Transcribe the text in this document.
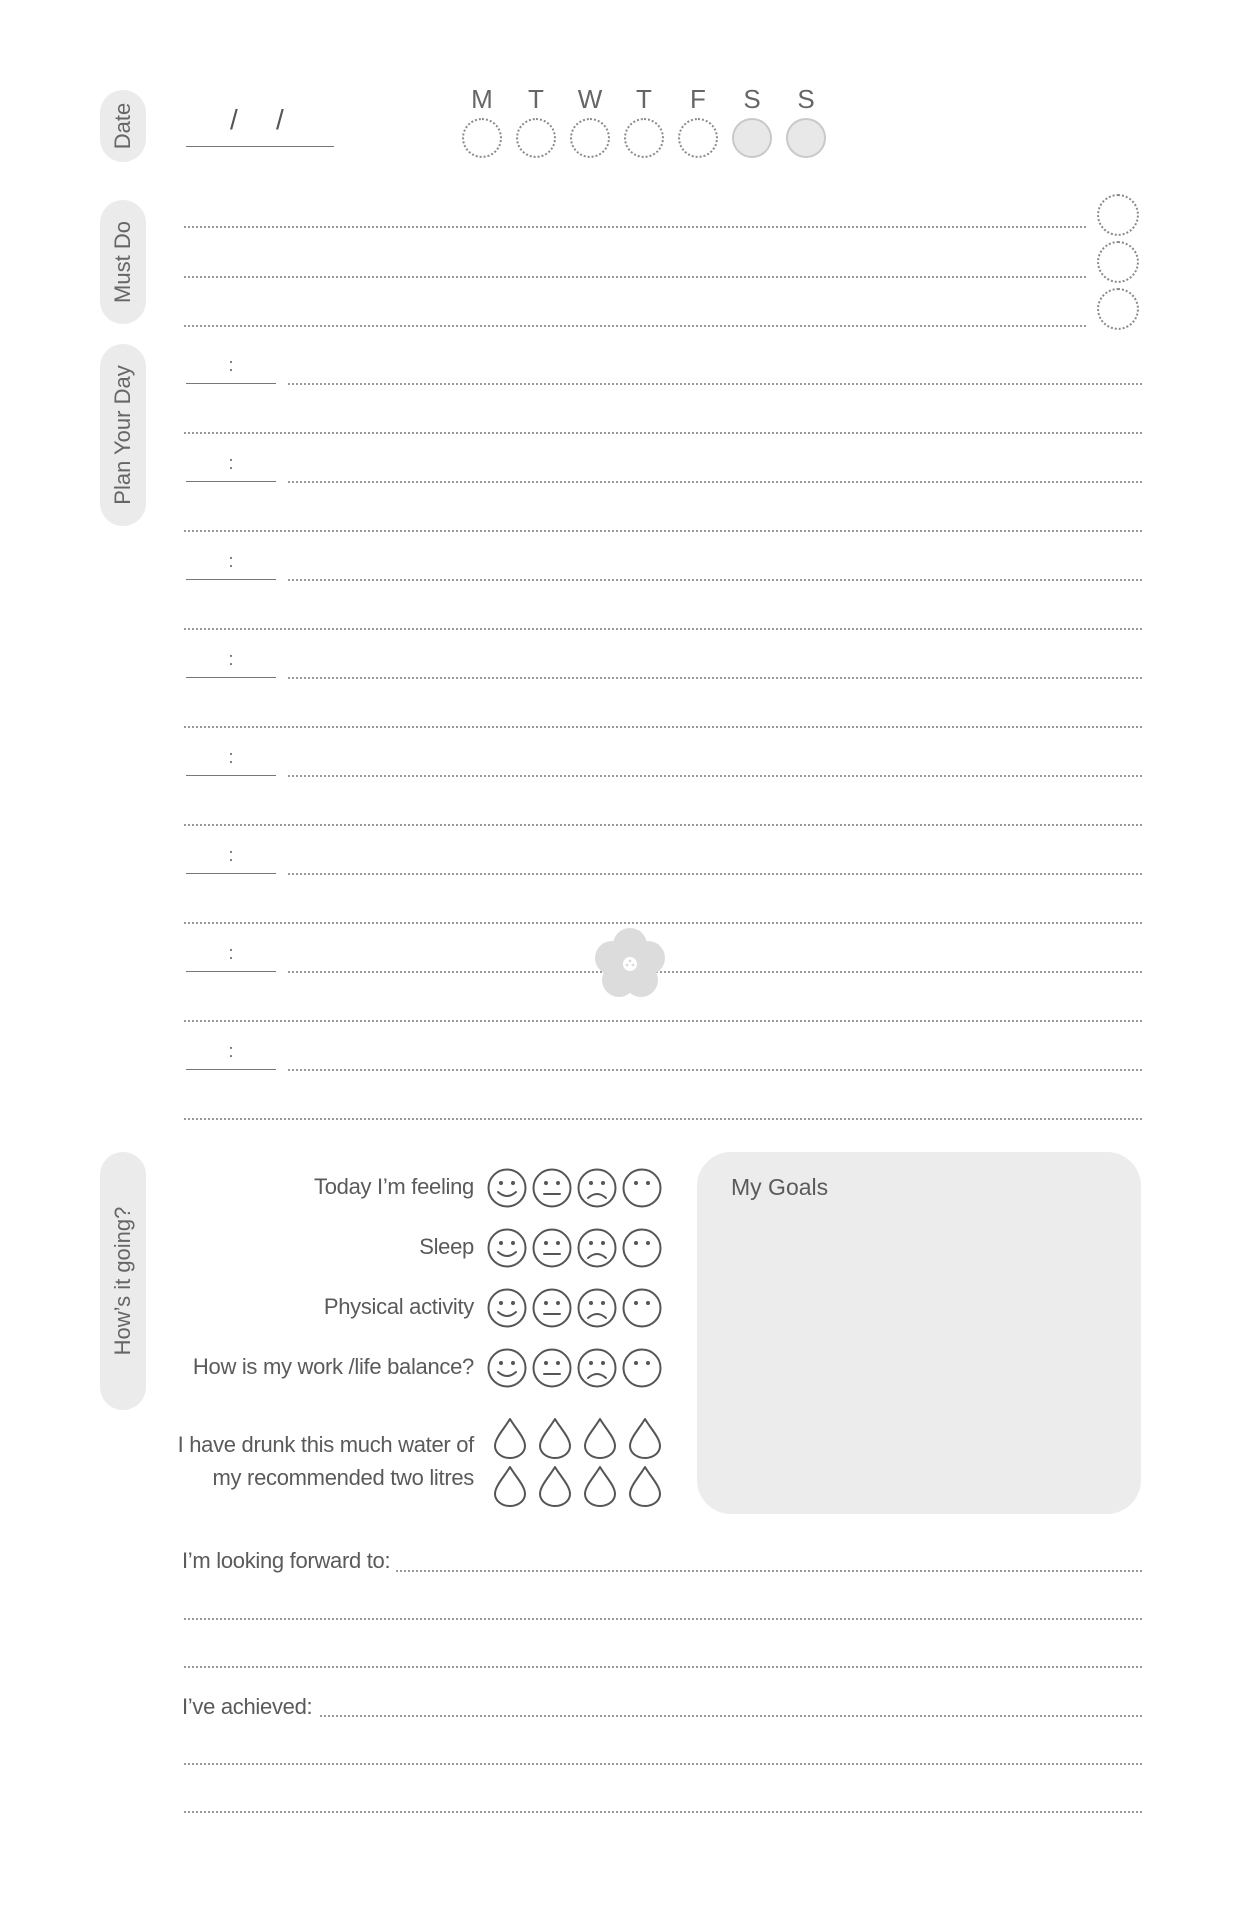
Date
Must Do
Plan Your Day
How’s it going?
/ /
M	T	W	T	F	S	S
:
:
:
:
:
:
:
:
Today I’m feeling
Sleep
Physical activity
How is my work /life balance?
I have drunk this much water of
my recommended two litres
My Goals
I’m looking forward to:
I’ve achieved:
